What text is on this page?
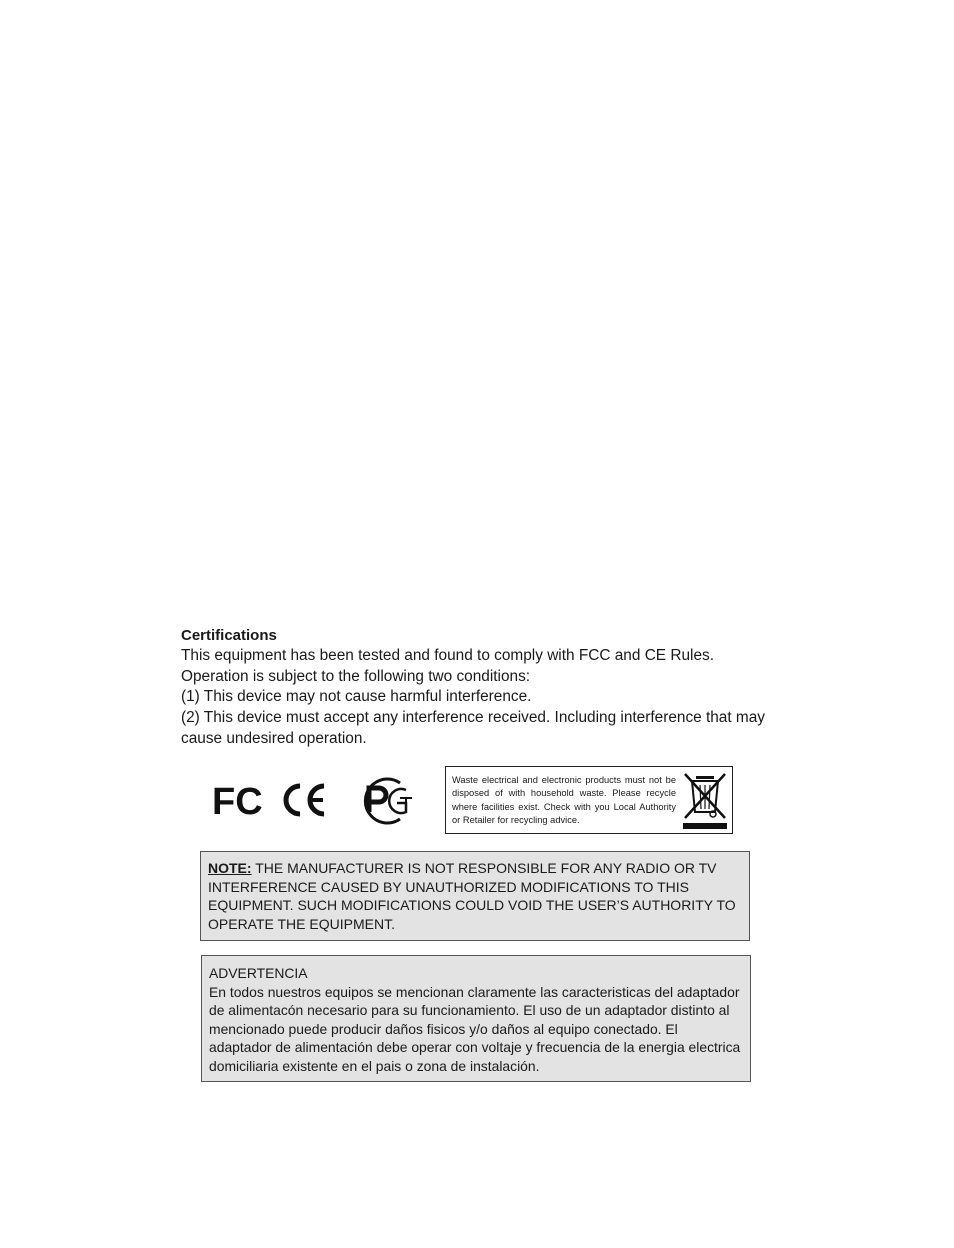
Certifications

This equipment has been tested and found to comply with FCC and CE Rules.

Operation is subject to the following two conditions:

(1) This device may not cause harmful interference.

(2) This device must accept any interference received. Including interference that may cause undesired operation.

FC

Waste electrical and electronic products must not be disposed of with household waste. Please recycle where facilities exist. Check with you Local Authority or Retailer for recycling advice.

NOTE: THE MANUFACTURER IS NOT RESPONSIBLE FOR ANY RADIO OR TV INTERFERENCE CAUSED BY UNAUTHORIZED MODIFICATIONS TO THIS EQUIPMENT. SUCH MODIFICATIONS COULD VOID THE USER’S AUTHORITY TO OPERATE THE EQUIPMENT.
ADVERTENCIA
En todos nuestros equipos se mencionan claramente las caracteristicas del adaptador de alimentacón necesario para su funcionamiento. El uso de un adaptador distinto al mencionado puede producir daños fisicos y/o daños al equipo conectado. El adaptador de alimentación debe operar con voltaje y frecuencia de la energia electrica domiciliaria existente en el pais o zona de instalación.
